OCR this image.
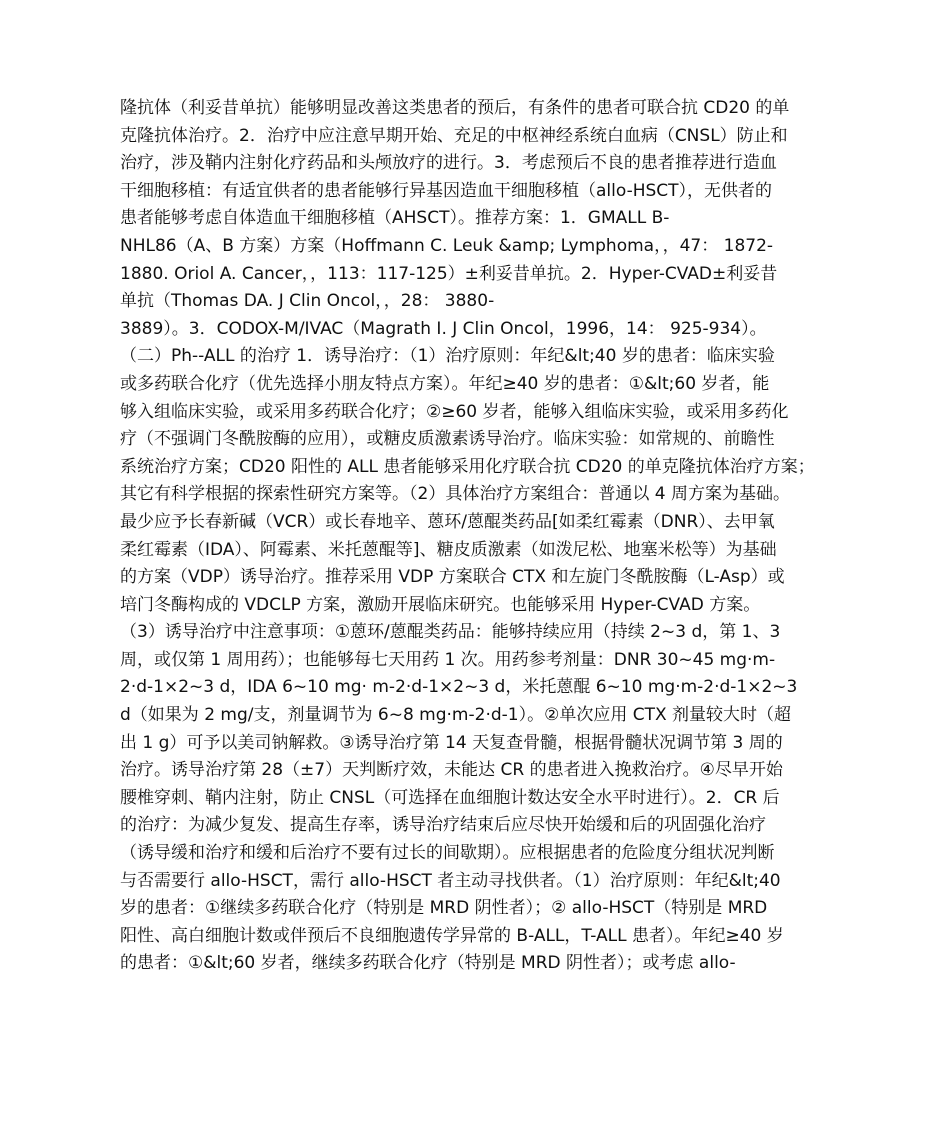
隆抗体（利妥昔单抗）能够明显改善这类患者的预后，有条件的患者可联合抗 CD20 的单
克隆抗体治疗。2．治疗中应注意早期开始、充足的中枢神经系统白血病（CNSL）防止和
治疗，涉及鞘内注射化疗药品和头颅放疗的进行。3．考虑预后不良的患者推荐进行造血
干细胞移植：有适宜供者的患者能够行异基因造血干细胞移植（allo-HSCT），无供者的
患者能够考虑自体造血干细胞移植（AHSCT）。推荐方案：1．GMALL B-
NHL86（A、B 方案）方案（Hoffmann C. Leuk &amp; Lymphoma，，47： 1872-
1880. Oriol A. Cancer，，113：117-125）±利妥昔单抗。2．Hyper-CVAD±利妥昔
单抗（Thomas DA. J Clin Oncol，，28： 3880-
3889）。3．CODOX-M/IVAC（Magrath I. J Clin Oncol，1996，14： 925-934）。
（二）Ph--ALL 的治疗 1．诱导治疗：（1）治疗原则：年纪&lt;40 岁的患者：临床实验
或多药联合化疗（优先选择小朋友特点方案）。年纪≥40 岁的患者：①&lt;60 岁者，能
够入组临床实验，或采用多药联合化疗；②≥60 岁者，能够入组临床实验，或采用多药化
疗（不强调门冬酰胺酶的应用），或糖皮质激素诱导治疗。临床实验：如常规的、前瞻性
系统治疗方案；CD20 阳性的 ALL 患者能够采用化疗联合抗 CD20 的单克隆抗体治疗方案；
其它有科学根据的探索性研究方案等。（2）具体治疗方案组合：普通以 4 周方案为基础。
最少应予长春新碱（VCR）或长春地辛、蒽环/蒽醌类药品[如柔红霉素（DNR）、去甲氧
柔红霉素（IDA）、阿霉素、米托蒽醌等]、糖皮质激素（如泼尼松、地塞米松等）为基础
的方案（VDP）诱导治疗。推荐采用 VDP 方案联合 CTX 和左旋门冬酰胺酶（L-Asp）或
培门冬酶构成的 VDCLP 方案，激励开展临床研究。也能够采用 Hyper-CVAD 方案。
（3）诱导治疗中注意事项：①蒽环/蒽醌类药品：能够持续应用（持续 2~3 d，第 1、3
周，或仅第 1 周用药）；也能够每七天用药 1 次。用药参考剂量：DNR 30~45 mg·m-
2·d-1×2~3 d，IDA 6~10 mg· m-2·d-1×2~3 d，米托蒽醌 6~10 mg·m-2·d-1×2~3
d（如果为 2 mg/支，剂量调节为 6~8 mg·m-2·d-1）。②单次应用 CTX 剂量较大时（超
出 1 g）可予以美司钠解救。③诱导治疗第 14 天复查骨髓，根据骨髓状况调节第 3 周的
治疗。诱导治疗第 28（±7）天判断疗效，未能达 CR 的患者进入挽救治疗。④尽早开始
腰椎穿刺、鞘内注射，防止 CNSL（可选择在血细胞计数达安全水平时进行）。2．CR 后
的治疗：为减少复发、提高生存率，诱导治疗结束后应尽快开始缓和后的巩固强化治疗
（诱导缓和治疗和缓和后治疗不要有过长的间歇期）。应根据患者的危险度分组状况判断
与否需要行 allo-HSCT，需行 allo-HSCT 者主动寻找供者。（1）治疗原则：年纪&lt;40
岁的患者：①继续多药联合化疗（特别是 MRD 阴性者）；② allo-HSCT（特别是 MRD
阳性、高白细胞计数或伴预后不良细胞遗传学异常的 B-ALL，T-ALL 患者）。年纪≥40 岁
的患者：①&lt;60 岁者，继续多药联合化疗（特别是 MRD 阴性者）；或考虑 allo-
